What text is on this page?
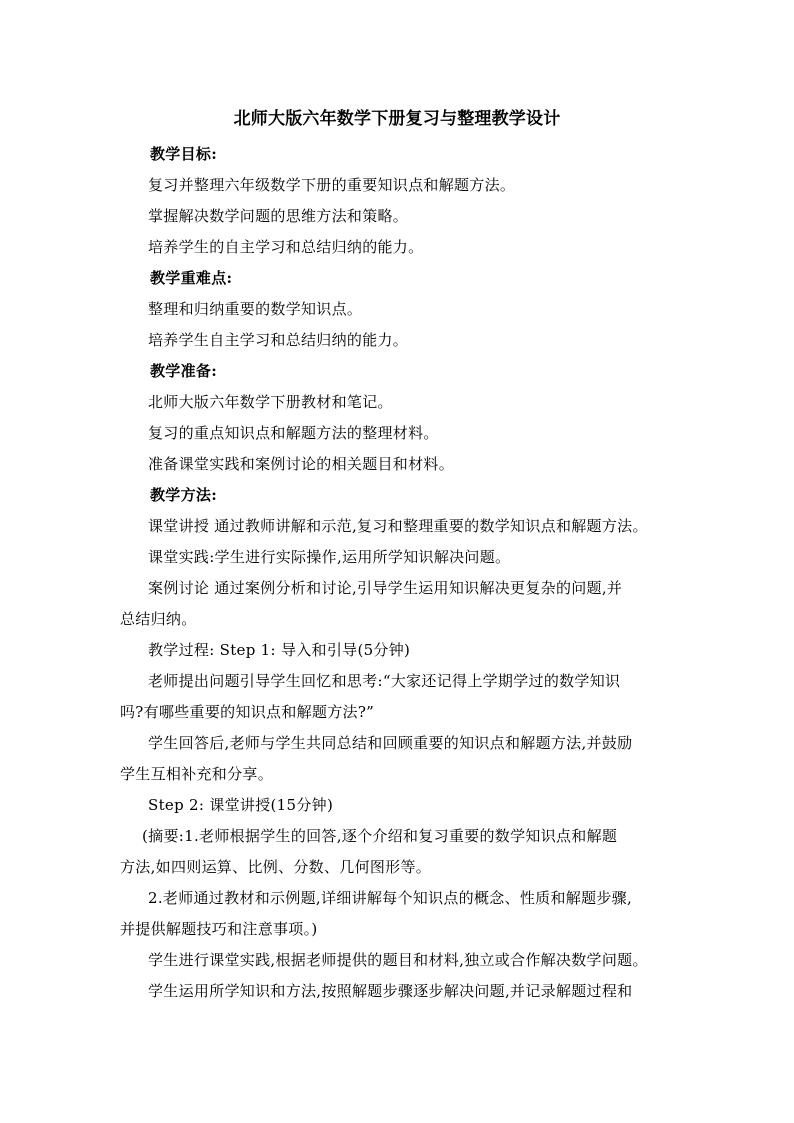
北师大版六年数学下册复习与整理教学设计
教学目标:
复习并整理六年级数学下册的重要知识点和解题方法。
掌握解决数学问题的思维方法和策略。
培养学生的自主学习和总结归纳的能力。
教学重难点:
整理和归纳重要的数学知识点。
培养学生自主学习和总结归纳的能力。
教学准备:
北师大版六年数学下册教材和笔记。
复习的重点知识点和解题方法的整理材料。
准备课堂实践和案例讨论的相关题目和材料。
教学方法:
课堂讲授 通过教师讲解和示范,复习和整理重要的数学知识点和解题方法。
课堂实践:学生进行实际操作,运用所学知识解决问题。
案例讨论 通过案例分析和讨论,引导学生运用知识解决更复杂的问题,并
总结归纳。
教学过程: Step 1: 导入和引导(5分钟)
老师提出问题引导学生回忆和思考:“大家还记得上学期学过的数学知识
吗?有哪些重要的知识点和解题方法?”
学生回答后,老师与学生共同总结和回顾重要的知识点和解题方法,并鼓励
学生互相补充和分享。
Step 2: 课堂讲授(15分钟)
(摘要:1.老师根据学生的回答,逐个介绍和复习重要的数学知识点和解题
方法,如四则运算、比例、分数、几何图形等。
2.老师通过教材和示例题,详细讲解每个知识点的概念、性质和解题步骤,
并提供解题技巧和注意事项。)
学生进行课堂实践,根据老师提供的题目和材料,独立或合作解决数学问题。
学生运用所学知识和方法,按照解题步骤逐步解决问题,并记录解题过程和
